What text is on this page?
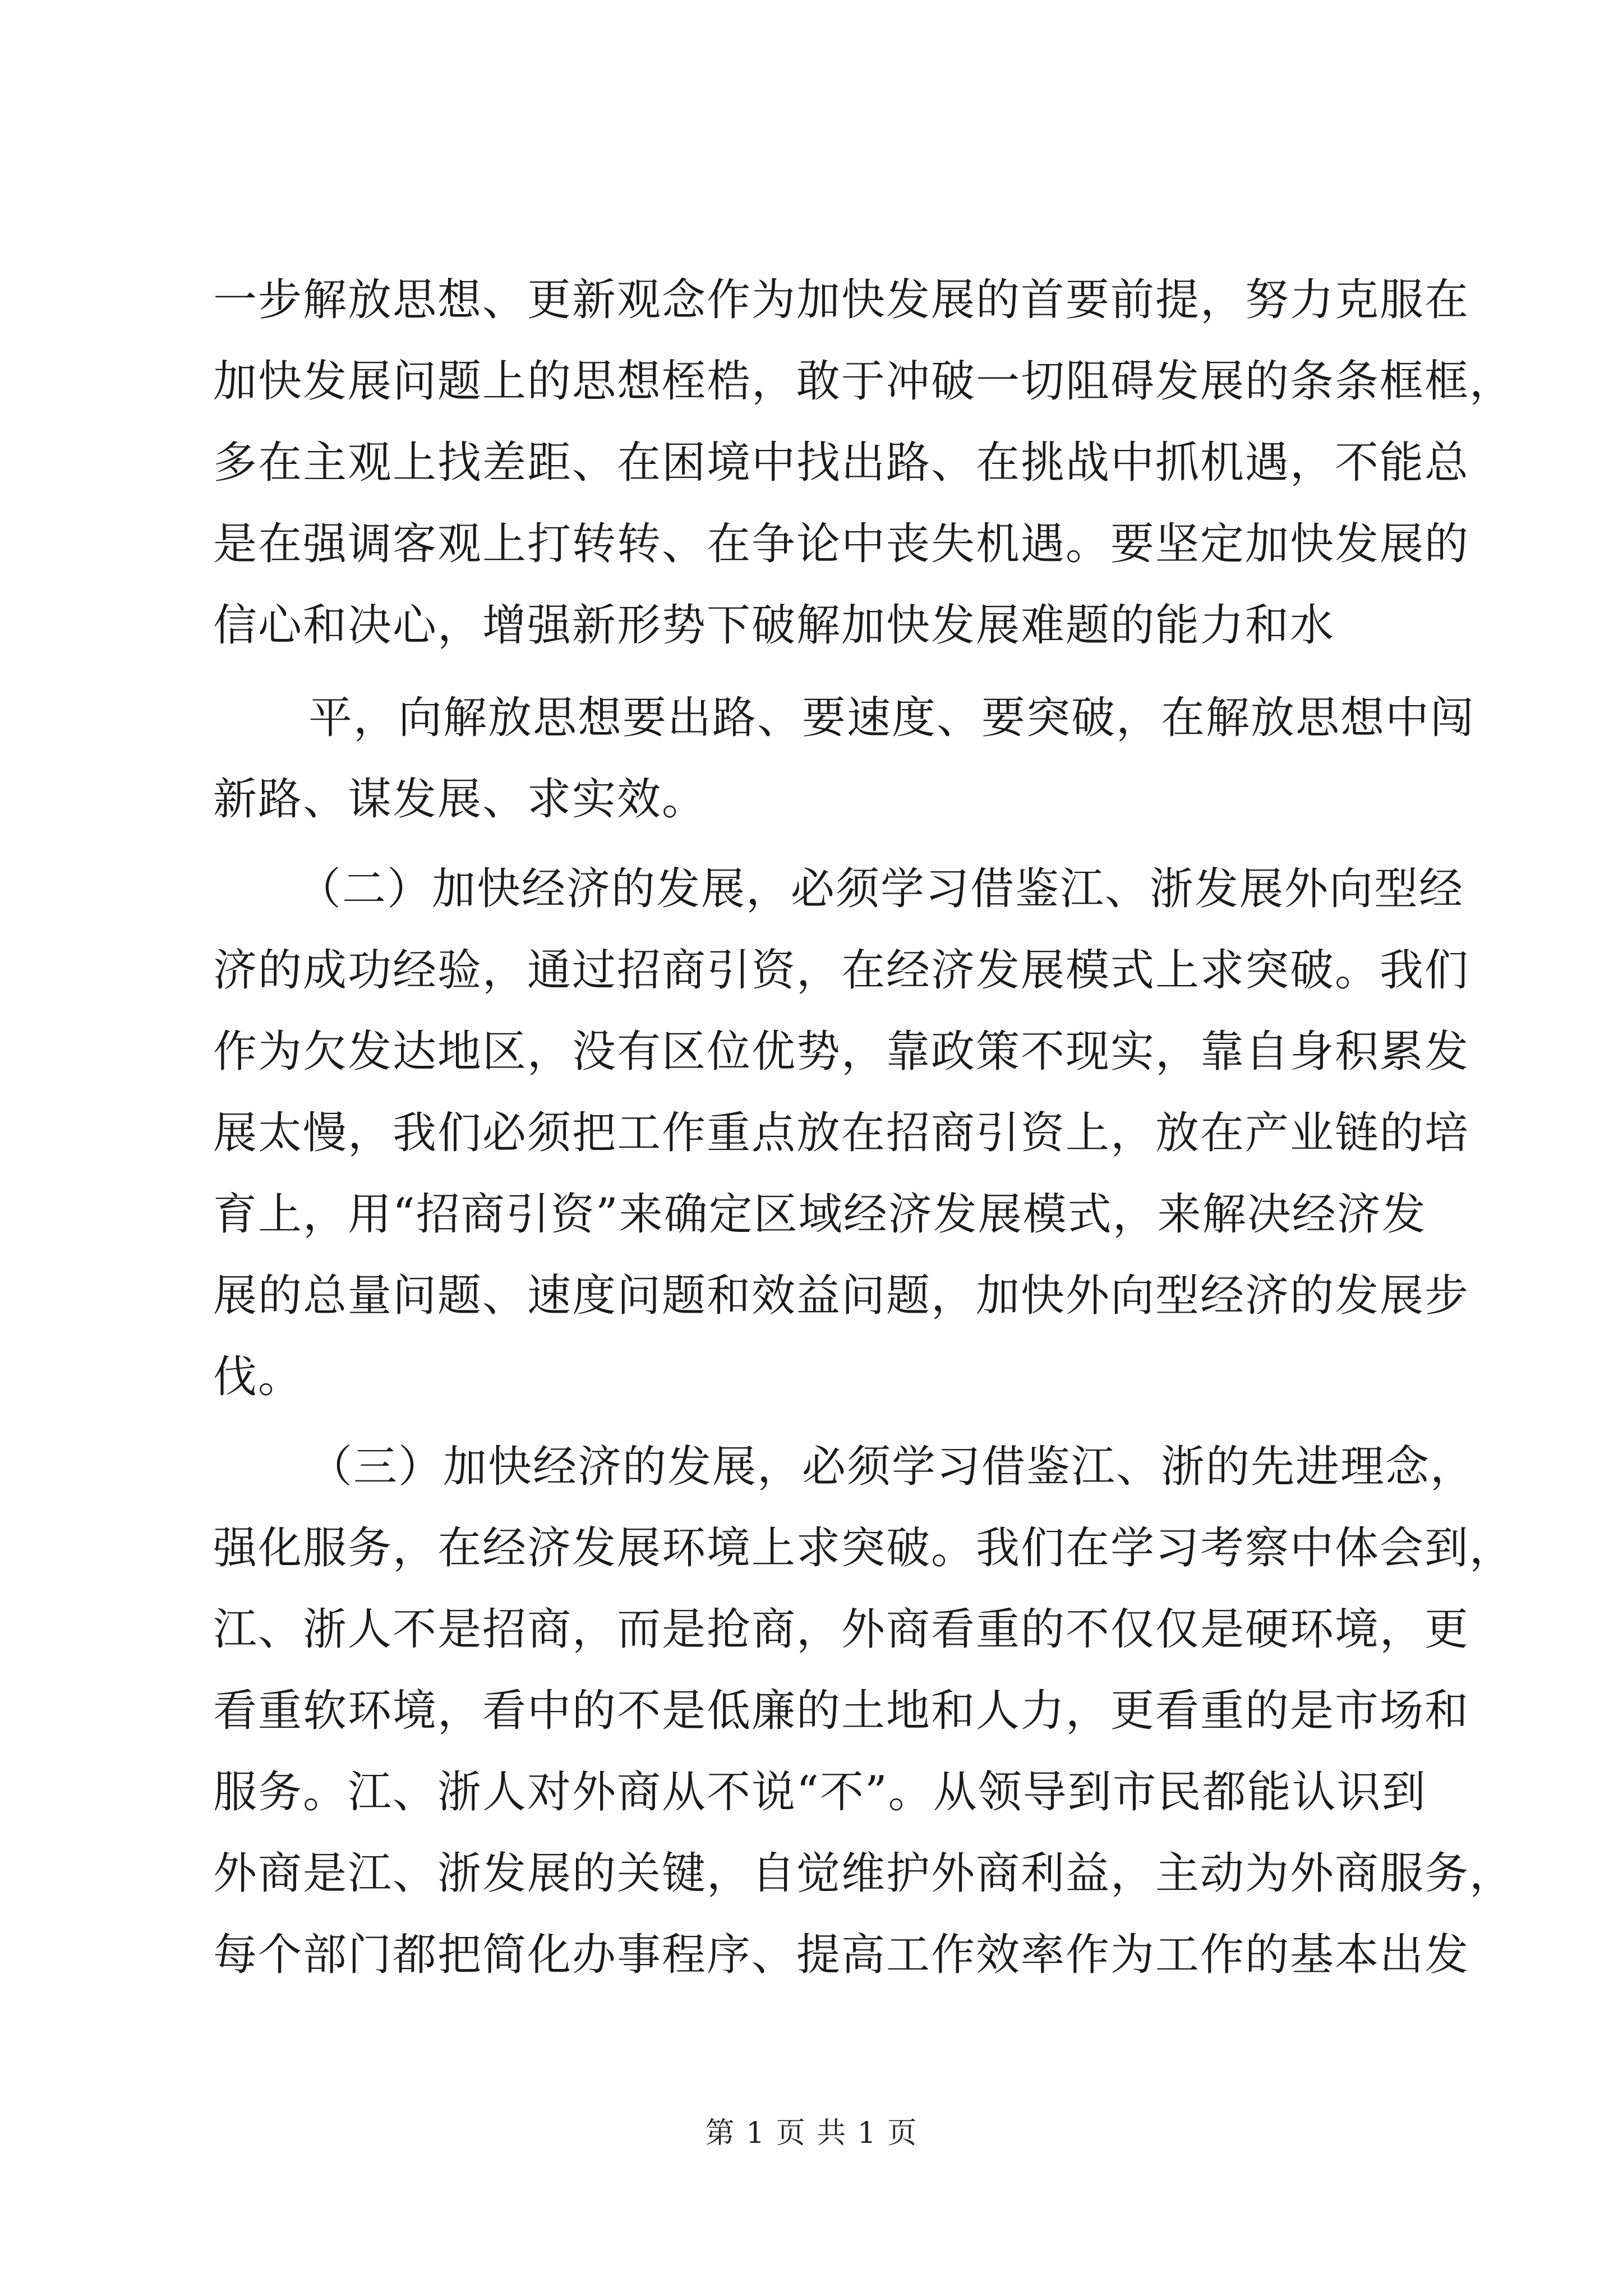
一步解放思想、更新观念作为加快发展的首要前提，努力克服在
加快发展问题上的思想桎梏，敢于冲破一切阻碍发展的条条框框，
多在主观上找差距、在困境中找出路、在挑战中抓机遇，不能总
是在强调客观上打转转、在争论中丧失机遇。要坚定加快发展的
信心和决心，增强新形势下破解加快发展难题的能力和水
平，向解放思想要出路、要速度、要突破，在解放思想中闯
新路、谋发展、求实效。
（二）加快经济的发展，必须学习借鉴江、浙发展外向型经
济的成功经验，通过招商引资，在经济发展模式上求突破。我们
作为欠发达地区，没有区位优势，靠政策不现实，靠自身积累发
展太慢，我们必须把工作重点放在招商引资上，放在产业链的培
育上，用“招商引资”来确定区域经济发展模式，来解决经济发
展的总量问题、速度问题和效益问题，加快外向型经济的发展步
伐。
（三）加快经济的发展，必须学习借鉴江、浙的先进理念，
强化服务，在经济发展环境上求突破。我们在学习考察中体会到，
江、浙人不是招商，而是抢商，外商看重的不仅仅是硬环境，更
看重软环境，看中的不是低廉的土地和人力，更看重的是市场和
服务。江、浙人对外商从不说“不”。从领导到市民都能认识到
外商是江、浙发展的关键，自觉维护外商利益，主动为外商服务，
每个部门都把简化办事程序、提高工作效率作为工作的基本出发
第 1 页 共 1 页
